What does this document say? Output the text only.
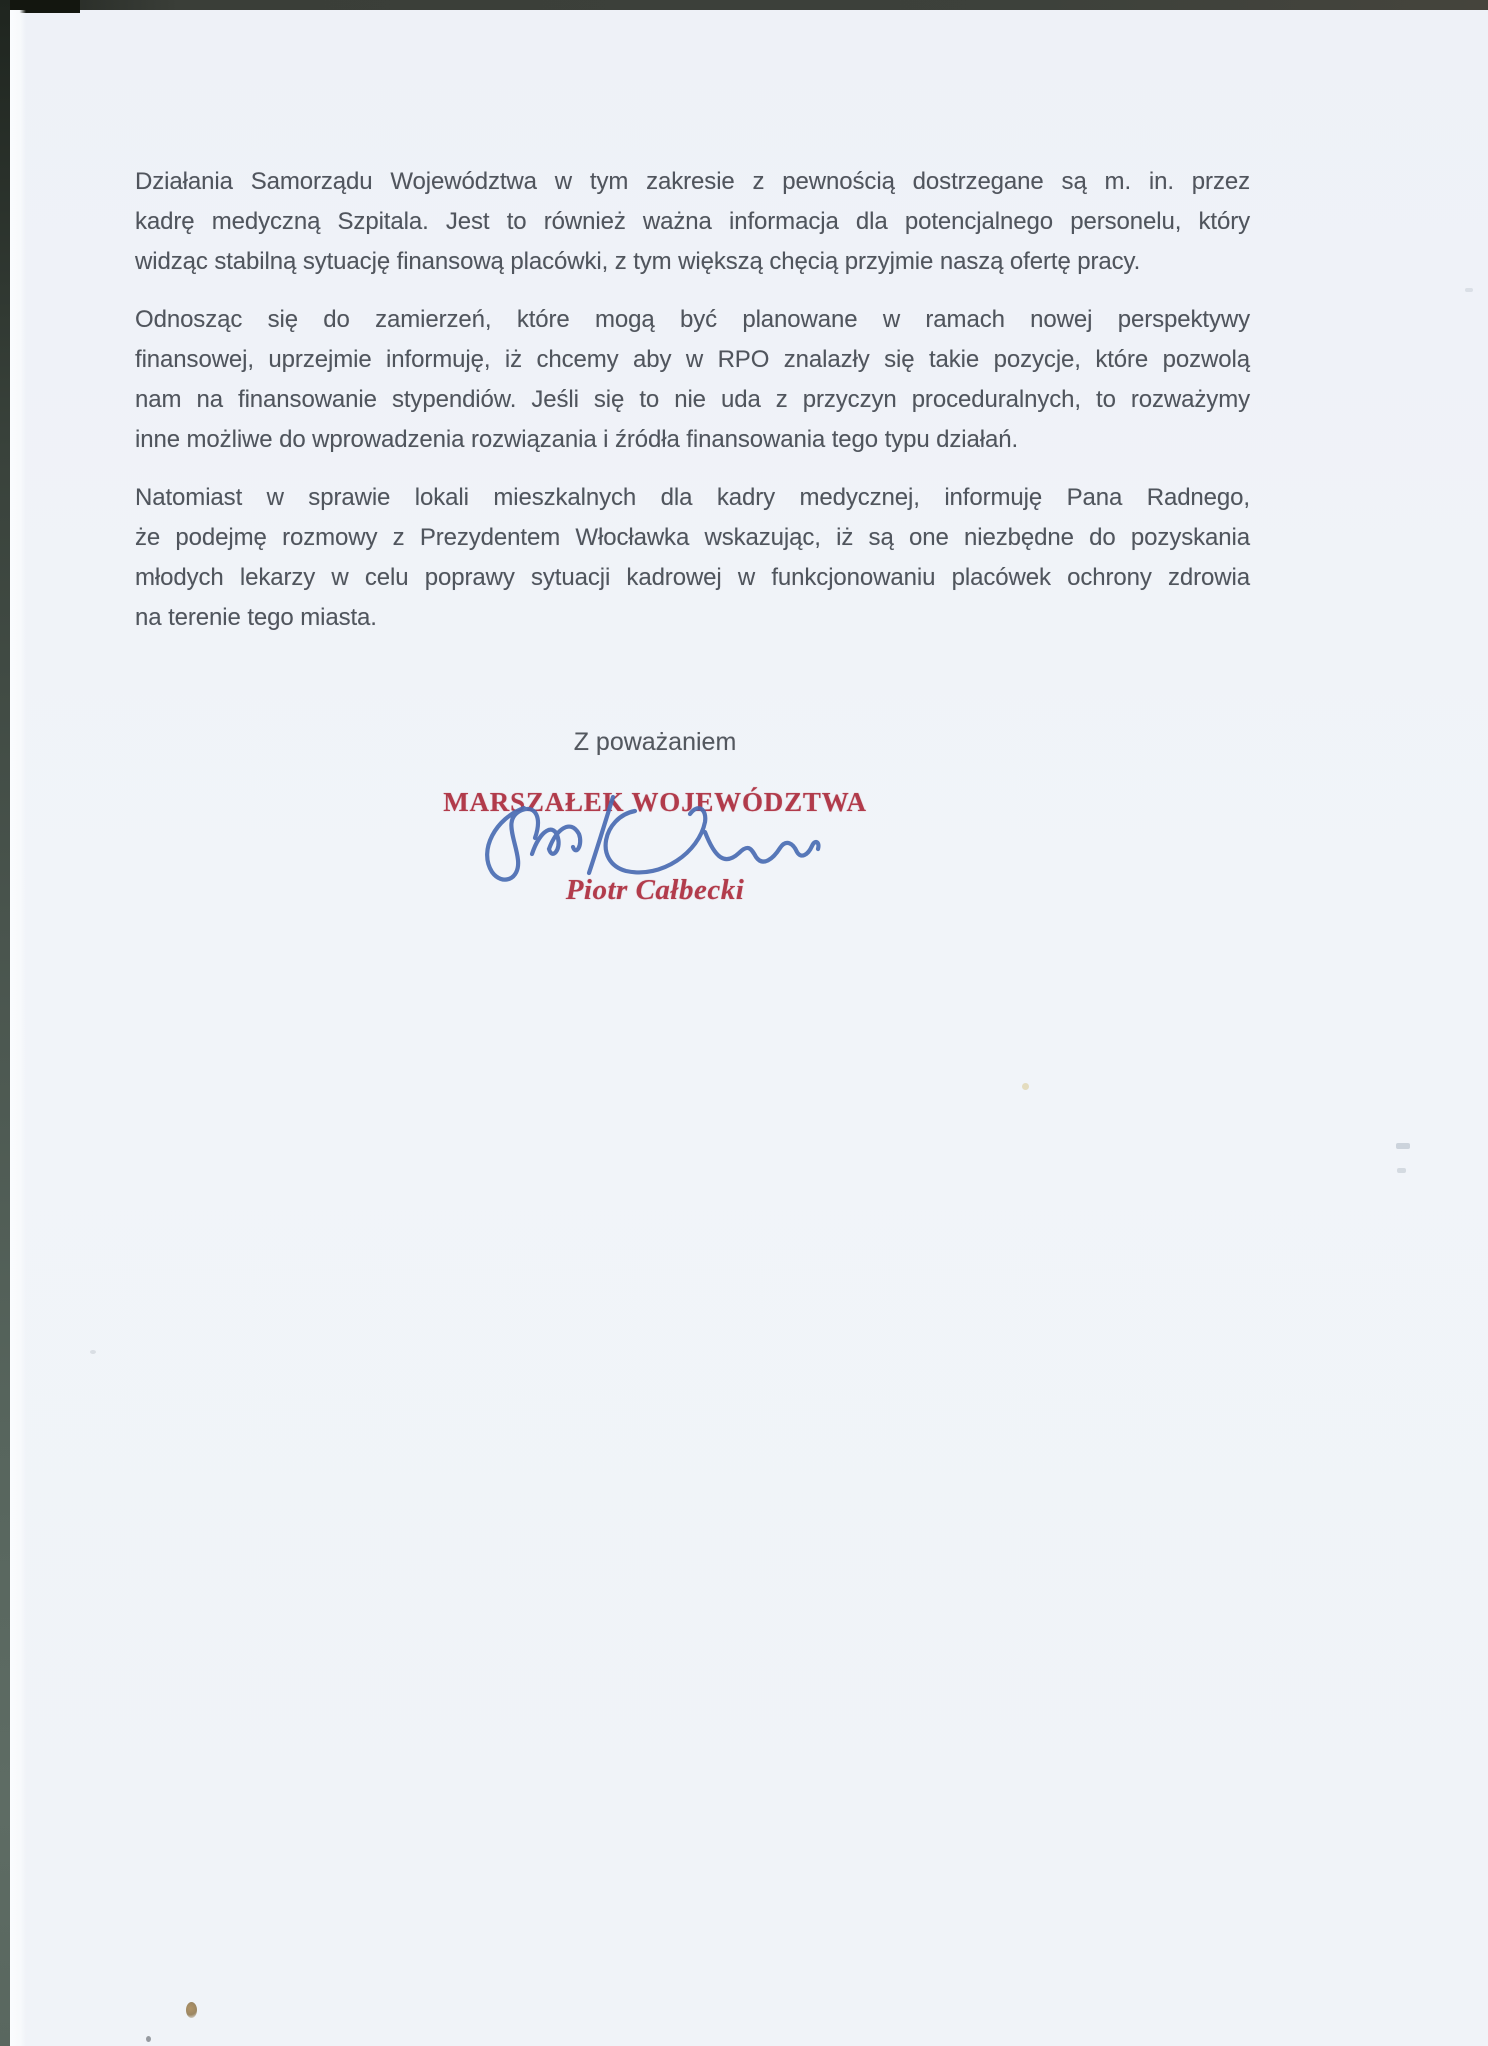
Działania Samorządu Województwa w tym zakresie z pewnością dostrzegane są m. in. przez
kadrę medyczną Szpitala. Jest to również ważna informacja dla potencjalnego personelu, który
widząc stabilną sytuację finansową placówki, z tym większą chęcią przyjmie naszą ofertę pracy.

Odnosząc się do zamierzeń, które mogą być planowane w ramach nowej perspektywy
finansowej, uprzejmie informuję, iż chcemy aby w RPO znalazły się takie pozycje, które pozwolą
nam na finansowanie stypendiów. Jeśli się to nie uda z przyczyn proceduralnych, to rozważymy
inne możliwe do wprowadzenia rozwiązania i źródła finansowania tego typu działań.

Natomiast w sprawie lokali mieszkalnych dla kadry medycznej, informuję Pana Radnego,
że podejmę rozmowy z Prezydentem Włocławka wskazując, iż są one niezbędne do pozyskania
młodych lekarzy w celu poprawy sytuacji kadrowej w funkcjonowaniu placówek ochrony zdrowia
na terenie tego miasta.

Z poważaniem
MARSZAŁEK WOJEWÓDZTWA
Piotr Całbecki
